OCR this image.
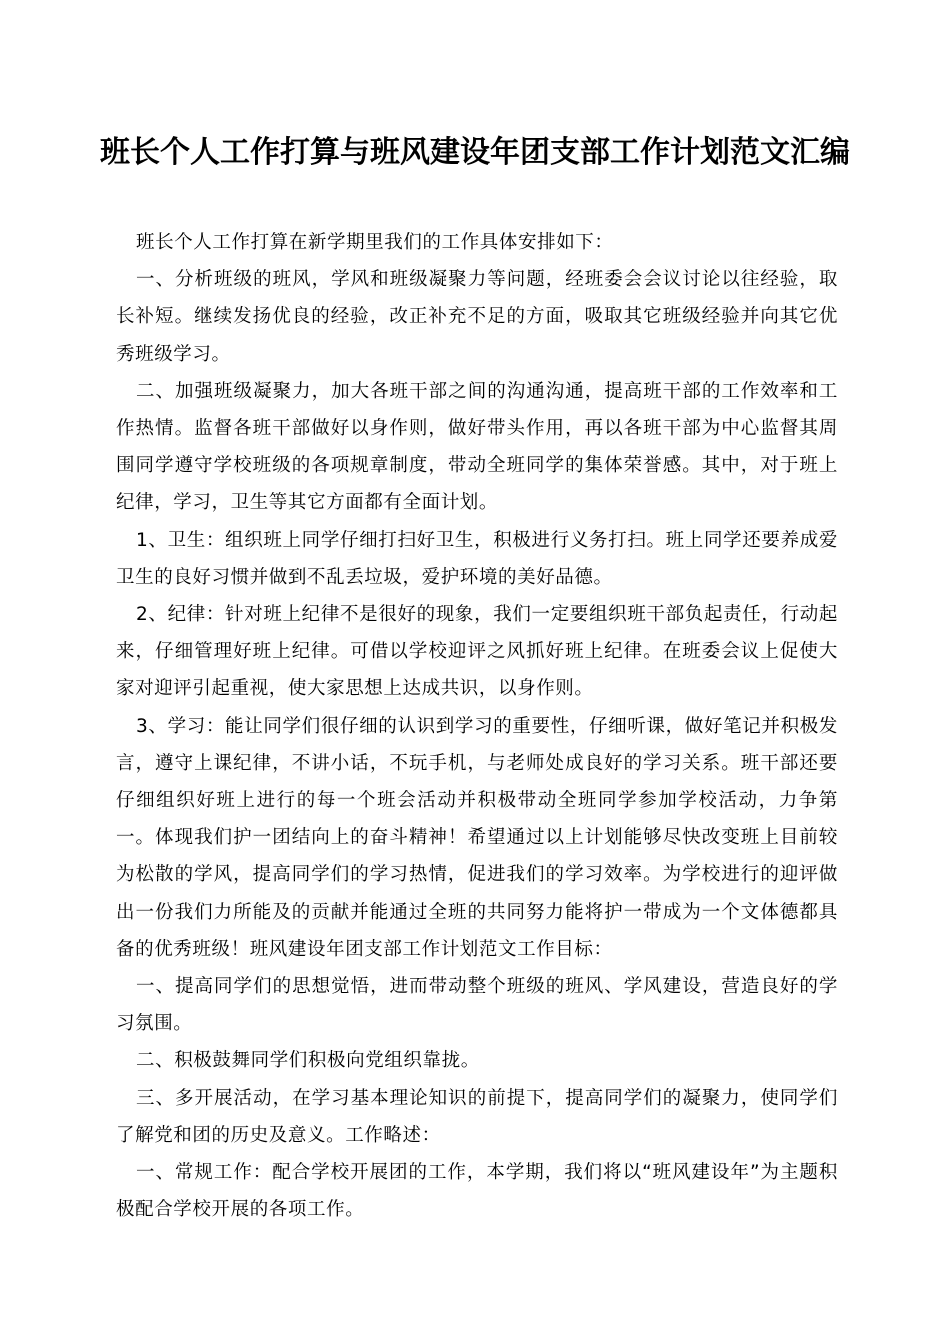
班长个人工作打算与班风建设年团支部工作计划范文汇编

班长个人工作打算在新学期里我们的工作具体安排如下：

一、分析班级的班风，学风和班级凝聚力等问题，经班委会会议讨论以往经验，取长补短。继续发扬优良的经验，改正补充不足的方面，吸取其它班级经验并向其它优秀班级学习。

二、加强班级凝聚力，加大各班干部之间的沟通沟通，提高班干部的工作效率和工作热情。监督各班干部做好以身作则，做好带头作用，再以各班干部为中心监督其周围同学遵守学校班级的各项规章制度，带动全班同学的集体荣誉感。其中，对于班上纪律，学习，卫生等其它方面都有全面计划。

1、卫生：组织班上同学仔细打扫好卫生，积极进行义务打扫。班上同学还要养成爱卫生的良好习惯并做到不乱丢垃圾，爱护环境的美好品德。

2、纪律：针对班上纪律不是很好的现象，我们一定要组织班干部负起责任，行动起来，仔细管理好班上纪律。可借以学校迎评之风抓好班上纪律。在班委会议上促使大家对迎评引起重视，使大家思想上达成共识，以身作则。

3、学习：能让同学们很仔细的认识到学习的重要性，仔细听课，做好笔记并积极发言，遵守上课纪律，不讲小话，不玩手机，与老师处成良好的学习关系。班干部还要仔细组织好班上进行的每一个班会活动并积极带动全班同学参加学校活动，力争第一。体现我们护一团结向上的奋斗精神！希望通过以上计划能够尽快改变班上目前较为松散的学风，提高同学们的学习热情，促进我们的学习效率。为学校进行的迎评做出一份我们力所能及的贡献并能通过全班的共同努力能将护一带成为一个文体德都具备的优秀班级！班风建设年团支部工作计划范文工作目标：

一、提高同学们的思想觉悟，进而带动整个班级的班风、学风建设，营造良好的学习氛围。

二、积极鼓舞同学们积极向党组织靠拢。

三、多开展活动，在学习基本理论知识的前提下，提高同学们的凝聚力，使同学们了解党和团的历史及意义。工作略述：

一、常规工作：配合学校开展团的工作，本学期，我们将以“班风建设年”为主题积极配合学校开展的各项工作。
